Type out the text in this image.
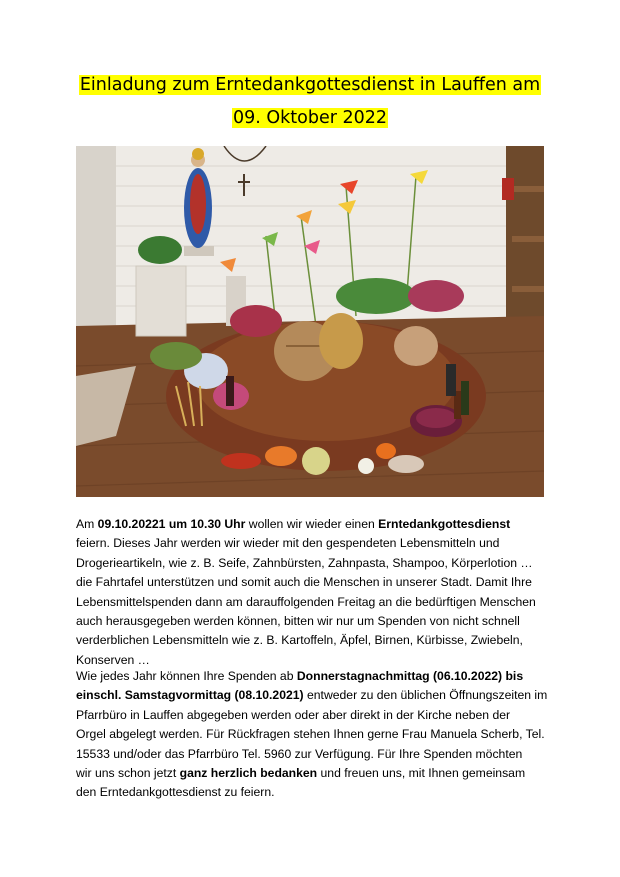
Einladung zum Erntedankgottesdienst in Lauffen am
09. Oktober 2022
Am 09.10.20221 um 10.30 Uhr wollen wir wieder einen Erntedankgottesdienst
feiern. Dieses Jahr werden wir wieder mit den gespendeten Lebensmitteln und
Drogerieartikeln, wie z. B. Seife, Zahnbürsten, Zahnpasta, Shampoo, Körperlotion …
die Fahrtafel unterstützen und somit auch die Menschen in unserer Stadt. Damit Ihre
Lebensmittelspenden dann am darauffolgenden Freitag an die bedürftigen Menschen
auch herausgegeben werden können, bitten wir nur um Spenden von nicht schnell
verderblichen Lebensmitteln wie z. B. Kartoffeln, Äpfel, Birnen, Kürbisse, Zwiebeln,
Konserven …
Wie jedes Jahr können Ihre Spenden ab Donnerstagnachmittag (06.10.2022) bis
einschl. Samstagvormittag (08.10.2021) entweder zu den üblichen Öffnungszeiten im
Pfarrbüro in Lauffen abgegeben werden oder aber direkt in der Kirche neben der
Orgel abgelegt werden. Für Rückfragen stehen Ihnen gerne Frau Manuela Scherb, Tel.
15533 und/oder das Pfarrbüro Tel. 5960 zur Verfügung. Für Ihre Spenden möchten
wir uns schon jetzt ganz herzlich bedanken und freuen uns, mit Ihnen gemeinsam
den Erntedankgottesdienst zu feiern.
